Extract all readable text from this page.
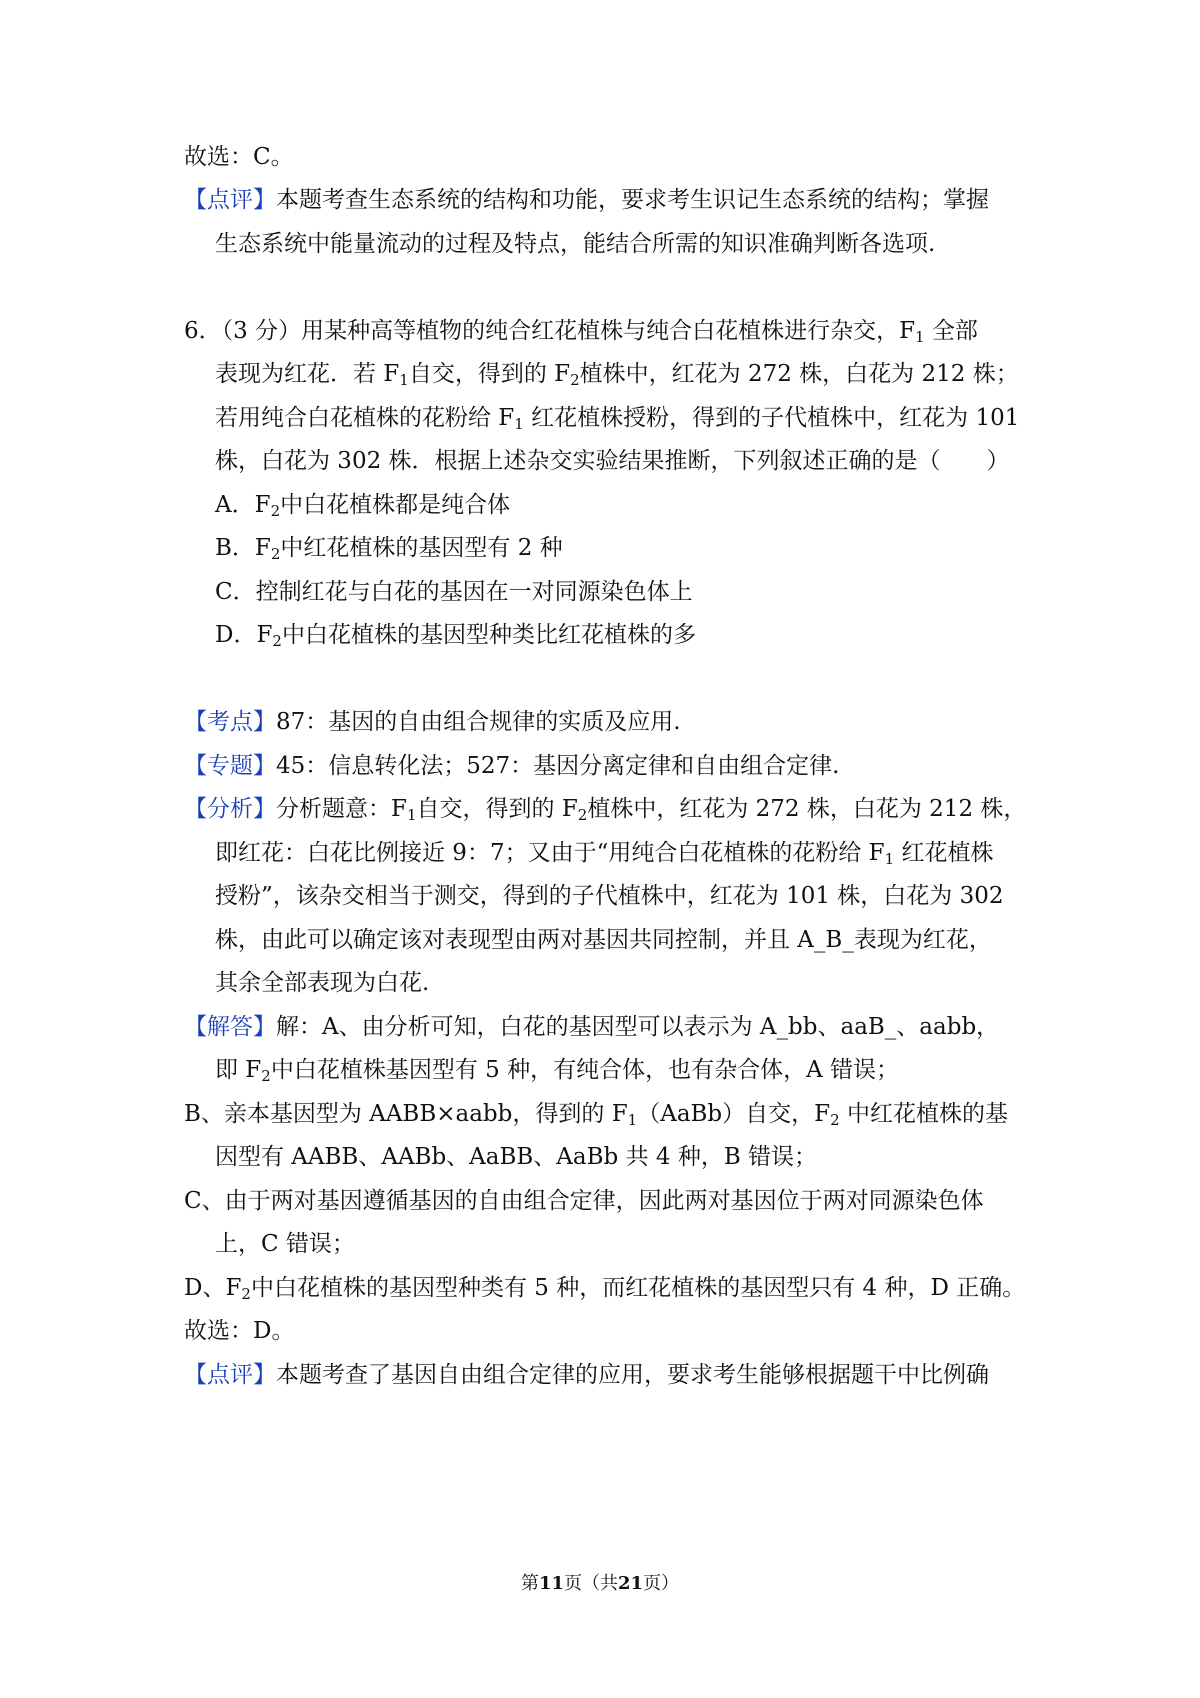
故选：C。
【点评】本题考查生态系统的结构和功能，要求考生识记生态系统的结构；掌握
生态系统中能量流动的过程及特点，能结合所需的知识准确判断各选项.
6．（3 分）用某种高等植物的纯合红花植株与纯合白花植株进行杂交，$F_1$ 全部
表现为红花．若 $F_1$自交，得到的 $F_2$植株中，红花为 272 株，白花为 212 株；
若用纯合白花植株的花粉给 $F_1$ 红花植株授粉，得到的子代植株中，红花为 101
株，白花为 302 株．根据上述杂交实验结果推断，下列叙述正确的是（　　）
A．$F_2$中白花植株都是纯合体
B．$F_2$中红花植株的基因型有 2 种
C．控制红花与白花的基因在一对同源染色体上
D．$F_2$中白花植株的基因型种类比红花植株的多
【考点】87：基因的自由组合规律的实质及应用.
【专题】45：信息转化法；527：基因分离定律和自由组合定律.
【分析】分析题意：$F_1$自交，得到的 $F_2$植株中，红花为 272 株，白花为 212 株，
即红花：白花比例接近 9：7；又由于“用纯合白花植株的花粉给 $F_1$ 红花植株
授粉”，该杂交相当于测交，得到的子代植株中，红花为 101 株，白花为 302
株，由此可以确定该对表现型由两对基因共同控制，并且 A_B_表现为红花，
其余全部表现为白花.
【解答】解：A、由分析可知，白花的基因型可以表示为 A_bb、aaB_、aabb，
即 $F_2$中白花植株基因型有 5 种，有纯合体，也有杂合体，A 错误；
B、亲本基因型为 AABB×aabb，得到的 $F_1(AaBb)$自交，$F_2$ 中红花植株的基
因型有 AABB、AABb、AaBB、AaBb 共 4 种，B 错误；
C、由于两对基因遵循基因的自由组合定律，因此两对基因位于两对同源染色体
上，C 错误；
D、$F_2$中白花植株的基因型种类有 5 种，而红花植株的基因型只有 4 种，D 正确。
故选：D。
【点评】本题考查了基因自由组合定律的应用，要求考生能够根据题干中比例确
第11页（共21页）
